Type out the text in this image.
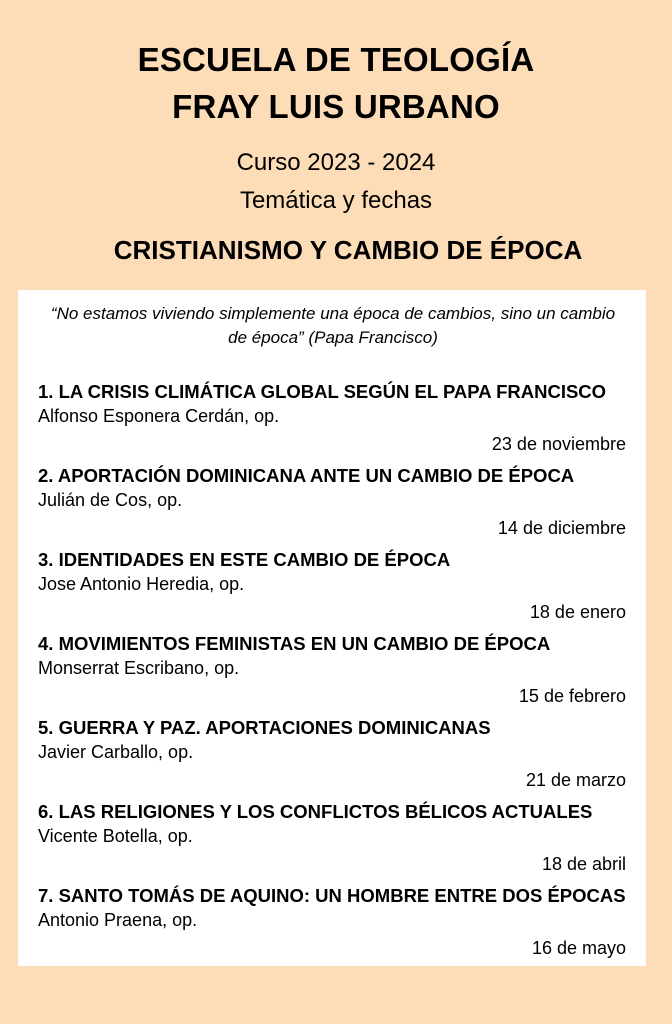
ESCUELA DE TEOLOGÍA

FRAY LUIS URBANO

Curso 2023 - 2024

Temática y fechas

CRISTIANISMO Y CAMBIO DE ÉPOCA

“No estamos viviendo simplemente una época de cambios, sino un cambio de época” (Papa Francisco)
1. LA CRISIS CLIMÁTICA GLOBAL SEGÚN EL PAPA FRANCISCO
Alfonso Esponera Cerdán, op.
23 de noviembre
2. APORTACIÓN DOMINICANA ANTE UN CAMBIO DE ÉPOCA
Julián de Cos, op.
14 de diciembre
3. IDENTIDADES EN ESTE CAMBIO DE ÉPOCA
Jose Antonio Heredia, op.
18 de enero
4. MOVIMIENTOS FEMINISTAS EN UN CAMBIO DE ÉPOCA
Monserrat Escribano, op.
15 de febrero
5. GUERRA Y PAZ. APORTACIONES DOMINICANAS
Javier Carballo, op.
21 de marzo
6. LAS RELIGIONES Y LOS CONFLICTOS BÉLICOS ACTUALES
Vicente Botella, op.
18 de abril
7. SANTO TOMÁS DE AQUINO: UN HOMBRE ENTRE DOS ÉPOCAS
Antonio Praena, op.
16 de mayo
